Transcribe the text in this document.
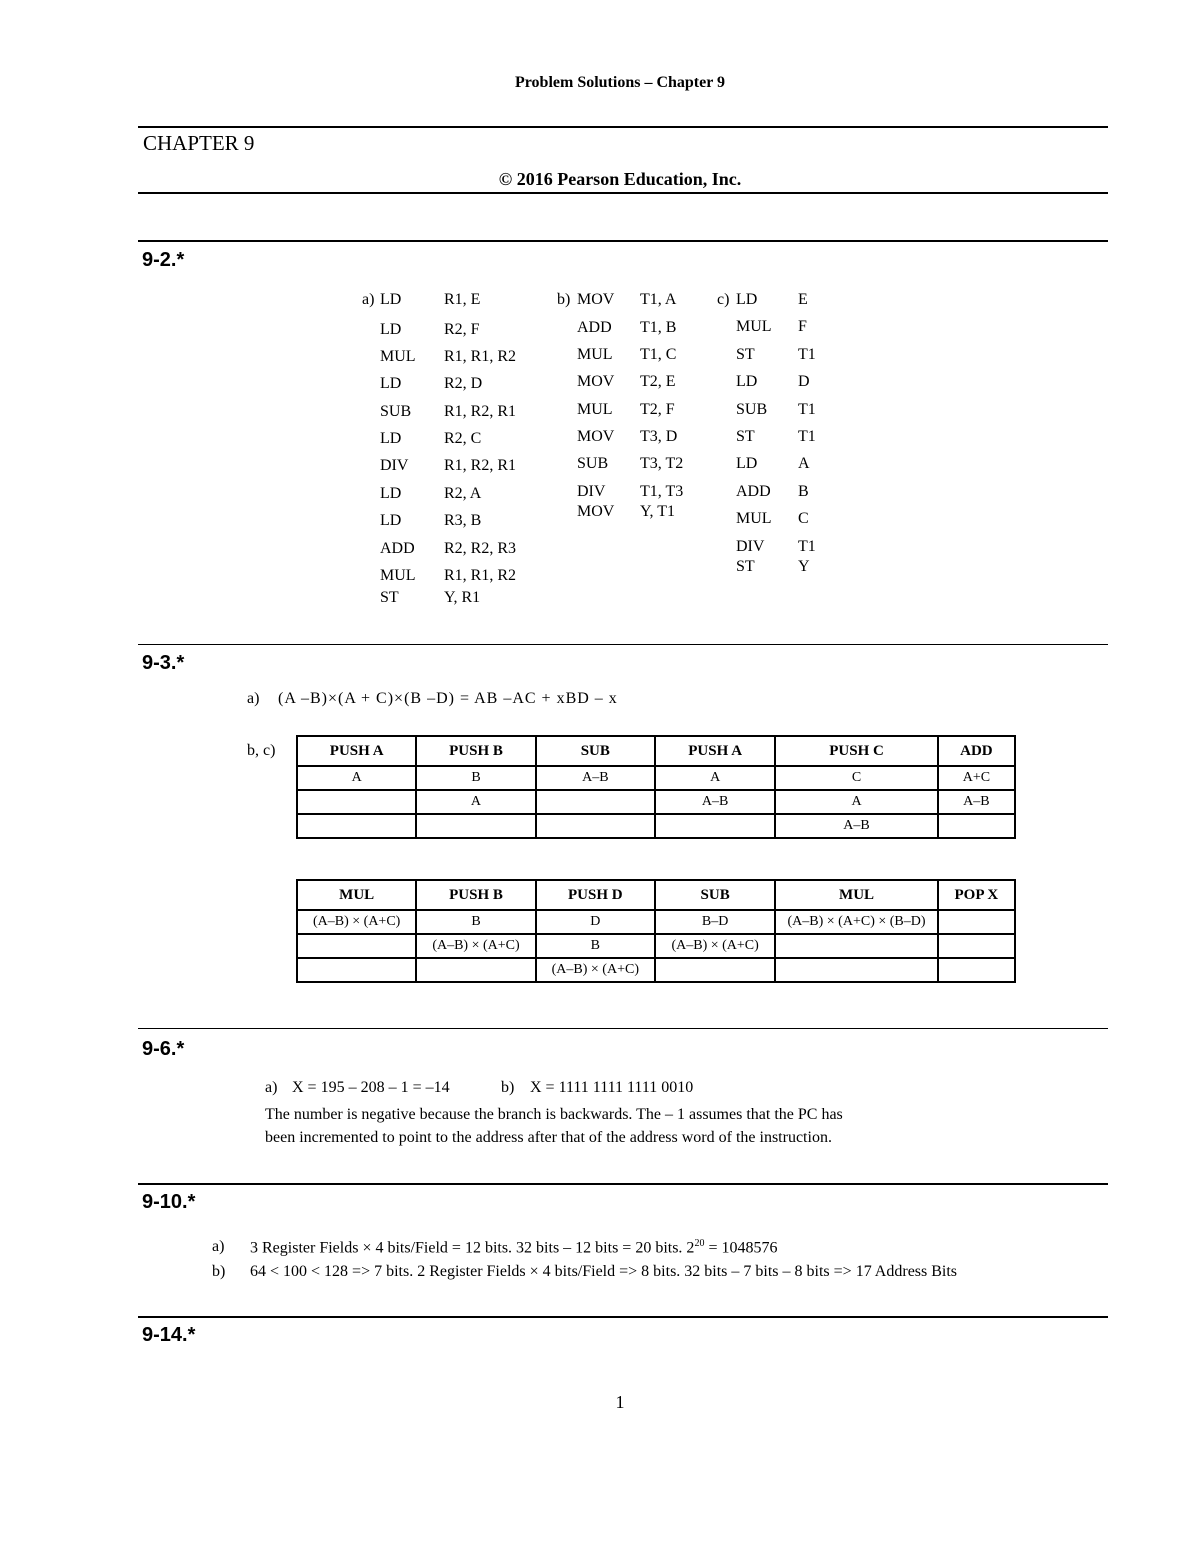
Problem Solutions – Chapter 9
CHAPTER 9
© 2016 Pearson Education, Inc.
9-2.*
a) LD	R1, E
LD	R2, F
MUL R1, R1, R2
LD	R2, D
SUB R1, R2, R1
LD	R2, C
DIV R1, R2, R1
LD	R2, A
LD	R3, B
ADD R2, R2, R3
MUL R1, R1, R2
ST	Y, R1
b) MOV T1, A
ADD T1, B
MUL T1, C
MOV T2, E
MUL T2, F
MOV T3, D
SUB T3, T2
DIV T1, T3
MOV Y, T1
c) LD	E
MUL F
ST	T1
LD	D
SUB T1
ST	T1
LD	A
ADD B
MUL C
DIV T1
ST	Y
9-3.*
a) (A –B)×(A + C)×(B –D) = AB –AC + xBD – x
b, c)	PUSH A	PUSH B	SUB	PUSH A	PUSH C	ADD
A	B	A–B	A	C	A+C
	A		A–B	A	A–B
				A–B	
MUL	PUSH B	PUSH D	SUB	MUL	POP X
(A–B) × (A+C)	B	D	B–D	(A–B) × (A+C) × (B–D)	
	(A–B) × (A+C)	B	(A–B) × (A+C)		
		(A–B) × (A+C)			
9-6.*
a) X = 195 – 208 – 1 = –14	b) X = 1111 1111 1111 0010
The number is negative because the branch is backwards. The – 1 assumes that the PC has
been incremented to point to the address after that of the address word of the instruction.
9-10.*
a) 3 Register Fields × 4 bits/Field = 12 bits. 32 bits – 12 bits = 20 bits. $2^{20} = 1048576$
b) 64 < 100 < 128 => 7 bits. 2 Register Fields × 4 bits/Field => 8 bits. 32 bits – 7 bits – 8 bits => 17 Address Bits
9-14.*
1
